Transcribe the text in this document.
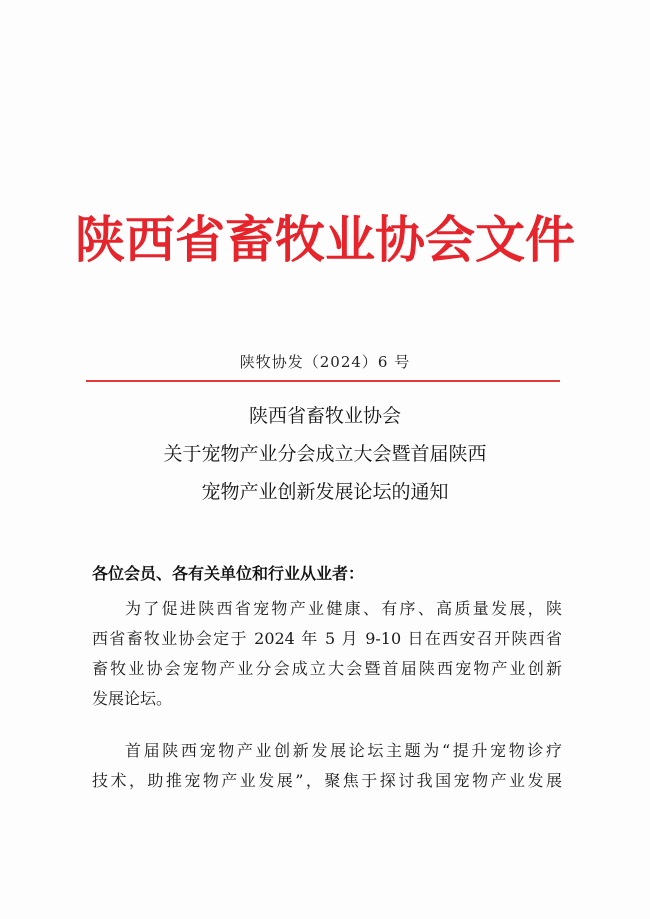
陕西省畜牧业协会文件
陕牧协发（2024）6 号
陕西省畜牧业协会
关于宠物产业分会成立大会暨首届陕西
宠物产业创新发展论坛的通知
各位会员、各有关单位和行业从业者：
为了促进陕西省宠物产业健康、有序、高质量发展，陕
西省畜牧业协会定于 2024 年 5 月 9-10 日在西安召开陕西省
畜牧业协会宠物产业分会成立大会暨首届陕西宠物产业创新
发展论坛。
首届陕西宠物产业创新发展论坛主题为“提升宠物诊疗
技术，助推宠物产业发展”，聚焦于探讨我国宠物产业发展
